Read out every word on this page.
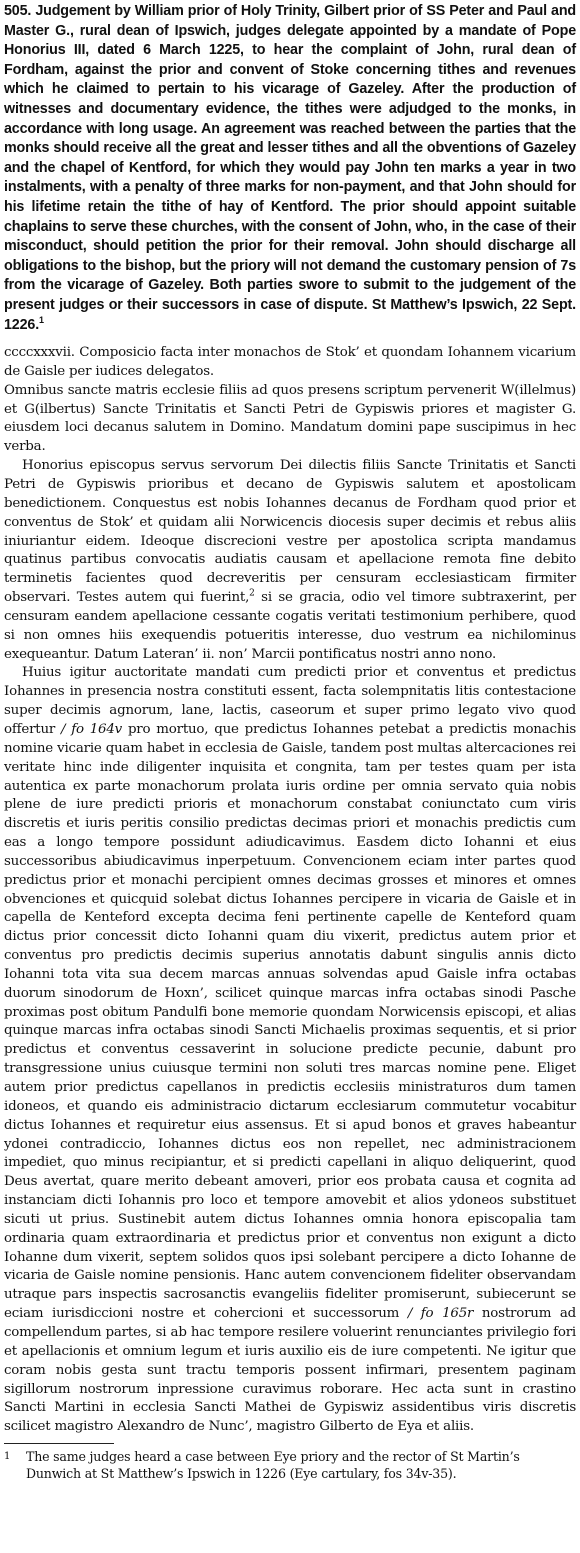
505. Judgement by William prior of Holy Trinity, Gilbert prior of SS Peter and Paul and Master G., rural dean of Ipswich, judges delegate appointed by a mandate of Pope Honorius III, dated 6 March 1225, to hear the complaint of John, rural dean of Fordham, against the prior and convent of Stoke concerning tithes and revenues which he claimed to pertain to his vicarage of Gazeley. After the production of witnesses and documentary evidence, the tithes were adjudged to the monks, in accordance with long usage. An agreement was reached between the parties that the monks should receive all the great and lesser tithes and all the obventions of Gazeley and the chapel of Kentford, for which they would pay John ten marks a year in two instalments, with a penalty of three marks for non-payment, and that John should for his lifetime retain the tithe of hay of Kentford. The prior should appoint suitable chaplains to serve these churches, with the consent of John, who, in the case of their misconduct, should petition the prior for their removal. John should discharge all obligations to the bishop, but the priory will not demand the customary pension of 7s from the vicarage of Gazeley. Both parties swore to submit to the judgement of the present judges or their successors in case of dispute. St Matthew’s Ipswich, 22 Sept. 1226.$^1$

ccccxxxvii. Composicio facta inter monachos de Stok’ et quondam Iohannem vicarium de Gaisle per iudices delegatos.

Omnibus sancte matris ecclesie filiis ad quos presens scriptum pervenerit W(illelmus) et G(ilbertus) Sancte Trinitatis et Sancti Petri de Gypiswis priores et magister G. eiusdem loci decanus salutem in Domino. Mandatum domini pape suscipimus in hec verba.

Honorius episcopus servus servorum Dei dilectis filiis Sancte Trinitatis et Sancti Petri de Gypiswis prioribus et decano de Gypiswis salutem et apostolicam benedictionem. Conquestus est nobis Iohannes decanus de Fordham quod prior et conventus de Stok’ et quidam alii Norwicencis diocesis super decimis et rebus aliis iniuriantur eidem. Ideoque discrecioni vestre per apostolica scripta mandamus quatinus partibus convocatis audiatis causam et apellacione remota fine debito terminetis facientes quod decreveritis per censuram ecclesiasticam firmiter observari. Testes autem qui fuerint,$^2$ si se gracia, odio vel timore subtraxerint, per censuram eandem apellacione cessante cogatis veritati testimonium perhibere, quod si non omnes hiis exequendis potueritis interesse, duo vestrum ea nichilominus exequeantur. Datum Lateran’ ii. non’ Marcii pontificatus nostri anno nono.

Huius igitur auctoritate mandati cum predicti prior et conventus et predictus Iohannes in presencia nostra constituti essent, facta solempnitatis litis contestacione super decimis agnorum, lane, lactis, caseorum et super primo legato vivo quod offertur / fo 164v pro mortuo, que predictus Iohannes petebat a predictis monachis nomine vicarie quam habet in ecclesia de Gaisle, tandem post multas altercaciones rei veritate hinc inde diligenter inquisita et congnita, tam per testes quam per ista autentica ex parte monachorum prolata iuris ordine per omnia servato quia nobis plene de iure predicti prioris et monachorum constabat coniunctato cum viris discretis et iuris peritis consilio predictas decimas priori et monachis predictis cum eas a longo tempore possidunt adiudicavimus. Easdem dicto Iohanni et eius successoribus abiudicavimus inperpetuum. Convencionem eciam inter partes quod predictus prior et monachi percipient omnes decimas grosses et minores et omnes obvenciones et quicquid solebat dictus Iohannes percipere in vicaria de Gaisle et in capella de Kenteford excepta decima feni pertinente capelle de Kenteford quam dictus prior concessit dicto Iohanni quam diu vixerit, predictus autem prior et conventus pro predictis decimis superius annotatis dabunt singulis annis dicto Iohanni tota vita sua decem marcas annuas solvendas apud Gaisle infra octabas duorum sinodorum de Hoxn’, scilicet quinque marcas infra octabas sinodi Pasche proximas post obitum Pandulfi bone memorie quondam Norwicensis episcopi, et alias quinque marcas infra octabas sinodi Sancti Michaelis proximas sequentis, et si prior predictus et conventus cessaverint in solucione predicte pecunie, dabunt pro transgressione unius cuiusque termini non soluti tres marcas nomine pene. Eliget autem prior predictus capellanos in predictis ecclesiis ministraturos dum tamen idoneos, et quando eis administracio dictarum ecclesiarum commutetur vocabitur dictus Iohannes et requiretur eius assensus. Et si apud bonos et graves habeantur ydonei contradiccio, Iohannes dictus eos non repellet, nec administracionem impediet, quo minus recipiantur, et si predicti capellani in aliquo deliquerint, quod Deus avertat, quare merito debeant amoveri, prior eos probata causa et cognita ad instanciam dicti Iohannis pro loco et tempore amovebit et alios ydoneos substituet sicuti ut prius. Sustinebit autem dictus Iohannes omnia honora episcopalia tam ordinaria quam extraordinaria et predictus prior et conventus non exigunt a dicto Iohanne dum vixerit, septem solidos quos ipsi solebant percipere a dicto Iohanne de vicaria de Gaisle nomine pensionis. Hanc autem convencionem fideliter observandam utraque pars inspectis sacrosanctis evangeliis fideliter promiserunt, subiecerunt se eciam iurisdiccioni nostre et cohercioni et successorum / fo 165r nostrorum ad compellendum partes, si ab hac tempore resilere voluerint renunciantes privilegio fori et apellacionis et omnium legum et iuris auxilio eis de iure competenti. Ne igitur que coram nobis gesta sunt tractu temporis possent infirmari, presentem paginam sigillorum nostrorum inpressione curavimus roborare. Hec acta sunt in crastino Sancti Martini in ecclesia Sancti Mathei de Gypiswiz assidentibus viris discretis scilicet magistro Alexandro de Nunc’, magistro Gilberto de Eya et aliis.

1	The same judges heard a case between Eye priory and the rector of St Martin’s Dunwich at St Matthew’s Ipswich in 1226 (Eye cartulary, fos 34v-35).
